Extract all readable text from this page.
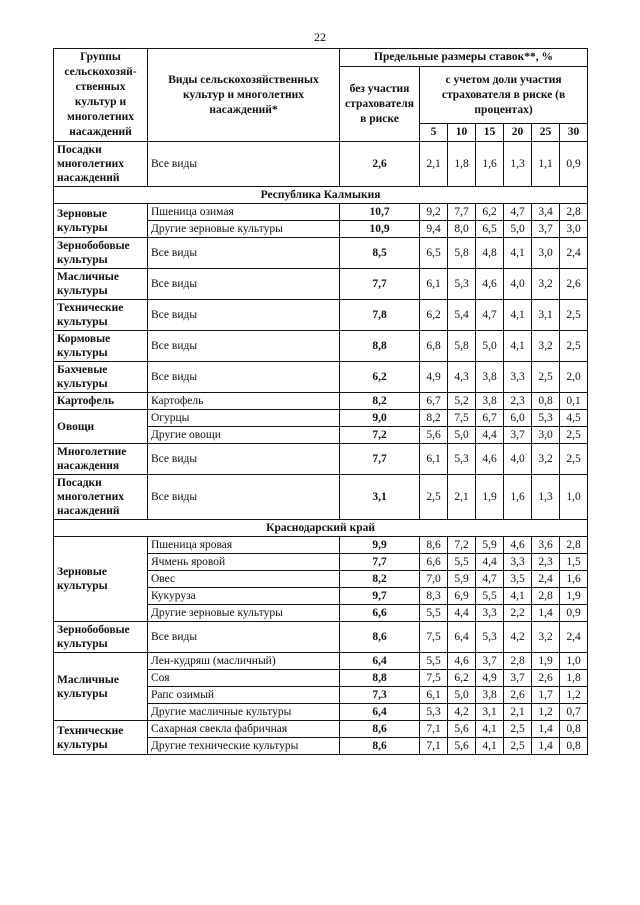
22
Группы сельскохозяйственных культур и многолетних насаждений	Виды сельскохозяйственных культур и многолетних насаждений*	Предельные размеры ставок**, %						
		без участия страхователя в риске	с учетом доли участия страхователя в риске (в процентах)					
			5	10	15	20	25	30
Посадки многолетних насаждений	Все виды	2,6	2,1	1,8	1,6	1,3	1,1	0,9
Республика Калмыкия								
Зерновые культуры	Пшеница озимая	10,7	9,2	7,7	6,2	4,7	3,4	2,8
	Другие зерновые культуры	10,9	9,4	8,0	6,5	5,0	3,7	3,0
Зернобобовые культуры	Все виды	8,5	6,5	5,8	4,8	4,1	3,0	2,4
Масличные культуры	Все виды	7,7	6,1	5,3	4,6	4,0	3,2	2,6
Технические культуры	Все виды	7,8	6,2	5,4	4,7	4,1	3,1	2,5
Кормовые культуры	Все виды	8,8	6,8	5,8	5,0	4,1	3,2	2,5
Бахчевые культуры	Все виды	6,2	4,9	4,3	3,8	3,3	2,5	2,0
Картофель	Картофель	8,2	6,7	5,2	3,8	2,3	0,8	0,1
Овощи	Огурцы	9,0	8,2	7,5	6,7	6,0	5,3	4,5
	Другие овощи	7,2	5,6	5,0	4,4	3,7	3,0	2,5
Многолетние насаждения	Все виды	7,7	6,1	5,3	4,6	4,0	3,2	2,5
Посадки многолетних насаждений	Все виды	3,1	2,5	2,1	1,9	1,6	1,3	1,0
Краснодарский край								
Зерновые культуры	Пшеница яровая	9,9	8,6	7,2	5,9	4,6	3,6	2,8
	Ячмень яровой	7,7	6,6	5,5	4,4	3,3	2,3	1,5
	Овес	8,2	7,0	5,9	4,7	3,5	2,4	1,6
	Кукуруза	9,7	8,3	6,9	5,5	4,1	2,8	1,9
	Другие зерновые культуры	6,6	5,5	4,4	3,3	2,2	1,4	0,9
Зернобобовые культуры	Все виды	8,6	7,5	6,4	5,3	4,2	3,2	2,4
Масличные культуры	Лен-кудряш (масличный)	6,4	5,5	4,6	3,7	2,8	1,9	1,0
	Соя	8,8	7,5	6,2	4,9	3,7	2,6	1,8
	Рапс озимый	7,3	6,1	5,0	3,8	2,6	1,7	1,2
	Другие масличные культуры	6,4	5,3	4,2	3,1	2,1	1,2	0,7
Технические культуры	Сахарная свекла фабричная	8,6	7,1	5,6	4,1	2,5	1,4	0,8
	Другие технические культуры	8,6	7,1	5,6	4,1	2,5	1,4	0,8
